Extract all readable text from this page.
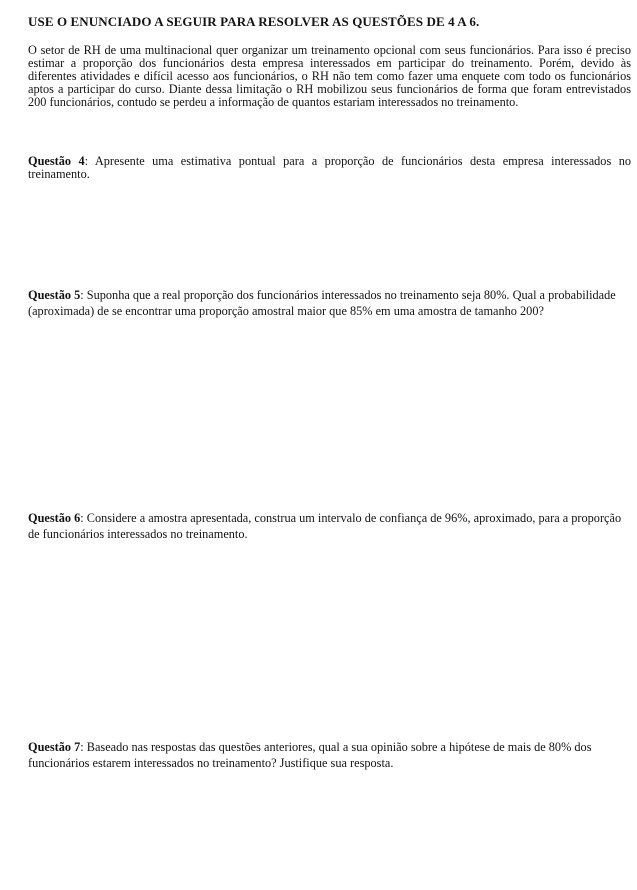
USE O ENUNCIADO A SEGUIR PARA RESOLVER AS QUESTÕES DE 4 A 6.
O setor de RH de uma multinacional quer organizar um treinamento opcional com seus funcionários. Para isso é preciso estimar a proporção dos funcionários desta empresa interessados em participar do treinamento. Porém, devido às diferentes atividades e difícil acesso aos funcionários, o RH não tem como fazer uma enquete com todo os funcionários aptos a participar do curso. Diante dessa limitação o RH mobilizou seus funcionários de forma que foram entrevistados 200 funcionários, contudo se perdeu a informação de quantos estariam interessados no treinamento.
Questão 4: Apresente uma estimativa pontual para a proporção de funcionários desta empresa interessados no treinamento.
Questão 5: Suponha que a real proporção dos funcionários interessados no treinamento seja 80%. Qual a probabilidade (aproximada) de se encontrar uma proporção amostral maior que 85% em uma amostra de tamanho 200?
Questão 6: Considere a amostra apresentada, construa um intervalo de confiança de 96%, aproximado, para a proporção de funcionários interessados no treinamento.
Questão 7: Baseado nas respostas das questões anteriores, qual a sua opinião sobre a hipótese de mais de 80% dos funcionários estarem interessados no treinamento? Justifique sua resposta.
